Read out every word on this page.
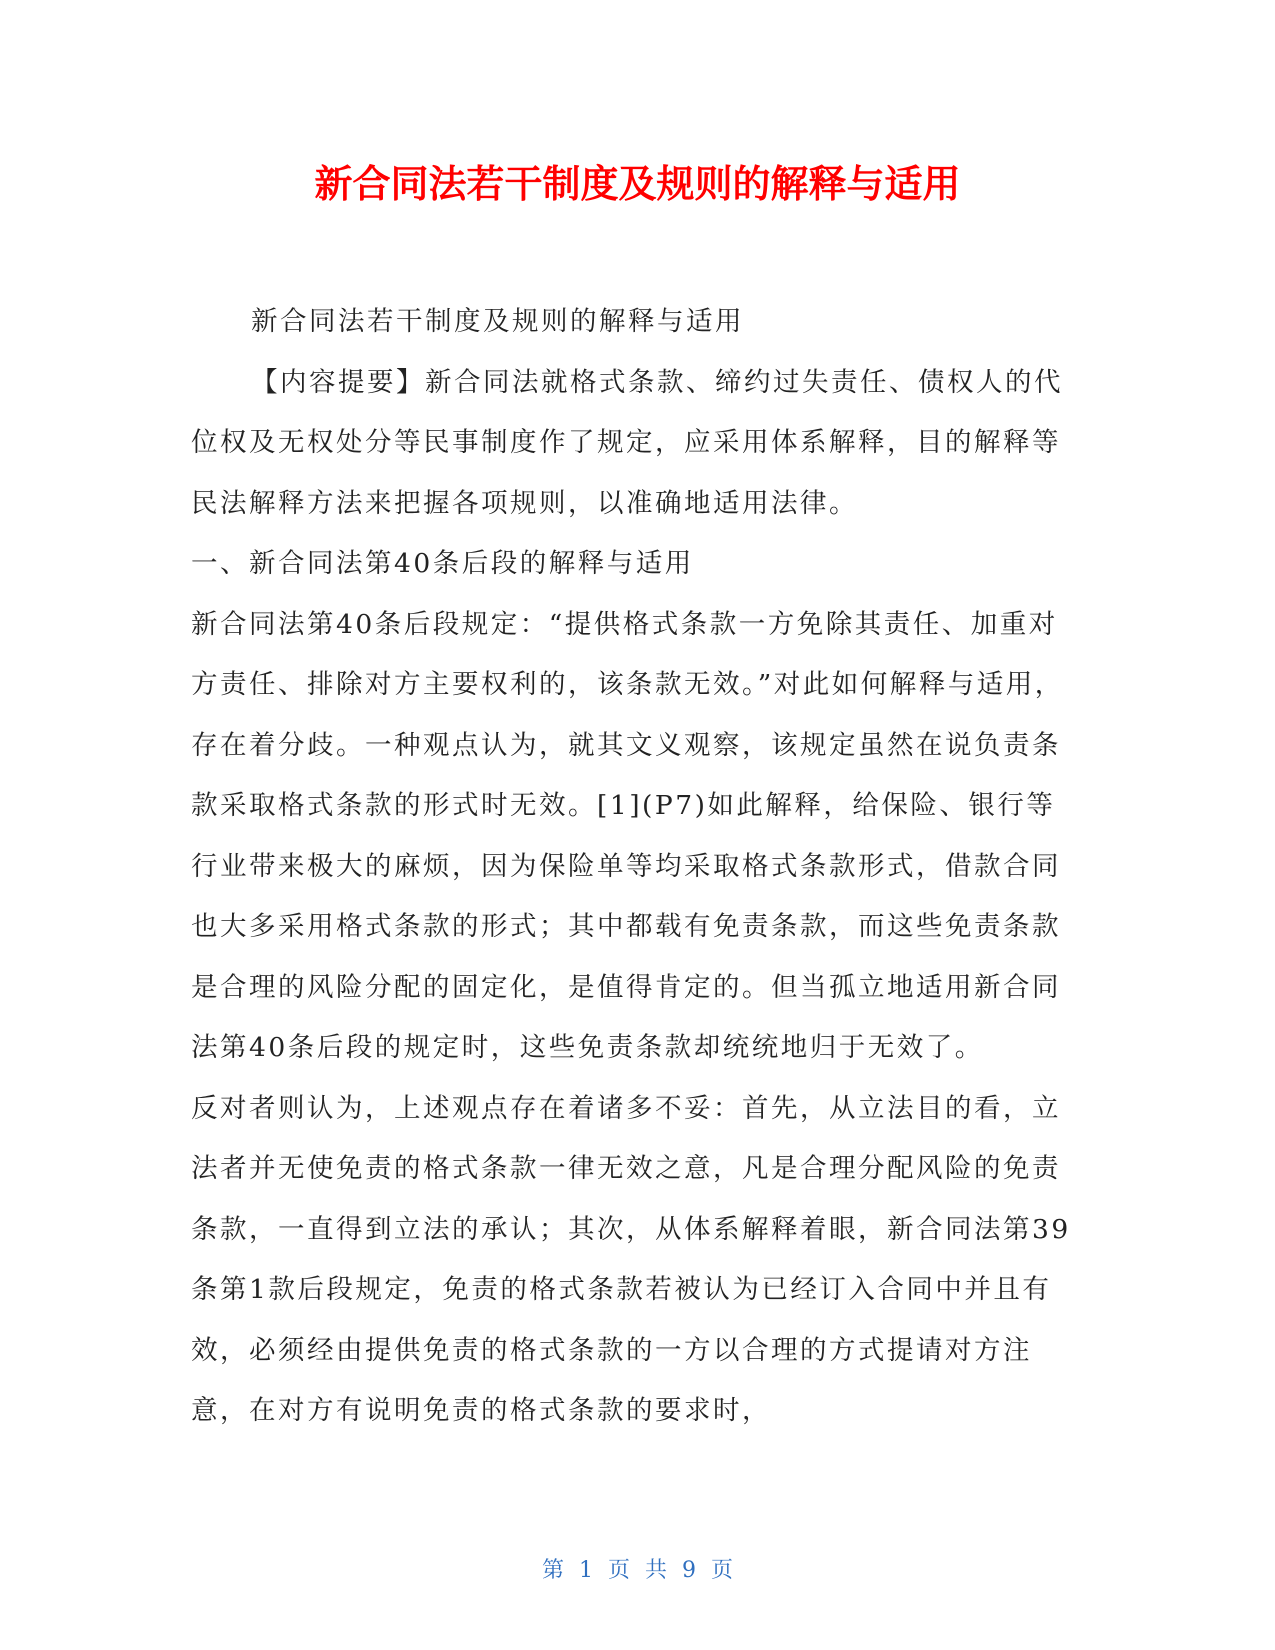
新合同法若干制度及规则的解释与适用

新合同法若干制度及规则的解释与适用

【内容提要】新合同法就格式条款、缔约过失责任、债权人的代位权及无权处分等民事制度作了规定，应采用体系解释，目的解释等民法解释方法来把握各项规则，以准确地适用法律。

一、新合同法第40条后段的解释与适用

新合同法第40条后段规定：“提供格式条款一方免除其责任、加重对方责任、排除对方主要权利的，该条款无效。”对此如何解释与适用，存在着分歧。一种观点认为，就其文义观察，该规定虽然在说负责条款采取格式条款的形式时无效。[1](P7)如此解释，给保险、银行等行业带来极大的麻烦，因为保险单等均采取格式条款形式，借款合同也大多采用格式条款的形式；其中都载有免责条款，而这些免责条款是合理的风险分配的固定化，是值得肯定的。但当孤立地适用新合同法第40条后段的规定时，这些免责条款却统统地归于无效了。

反对者则认为，上述观点存在着诸多不妥：首先，从立法目的看，立法者并无使免责的格式条款一律无效之意，凡是合理分配风险的免责条款，一直得到立法的承认；其次，从体系解释着眼，新合同法第39条第1款后段规定，免责的格式条款若被认为已经订入合同中并且有效，必须经由提供免责的格式条款的一方以合理的方式提请对方注意，在对方有说明免责的格式条款的要求时，

第 1 页 共 9 页
